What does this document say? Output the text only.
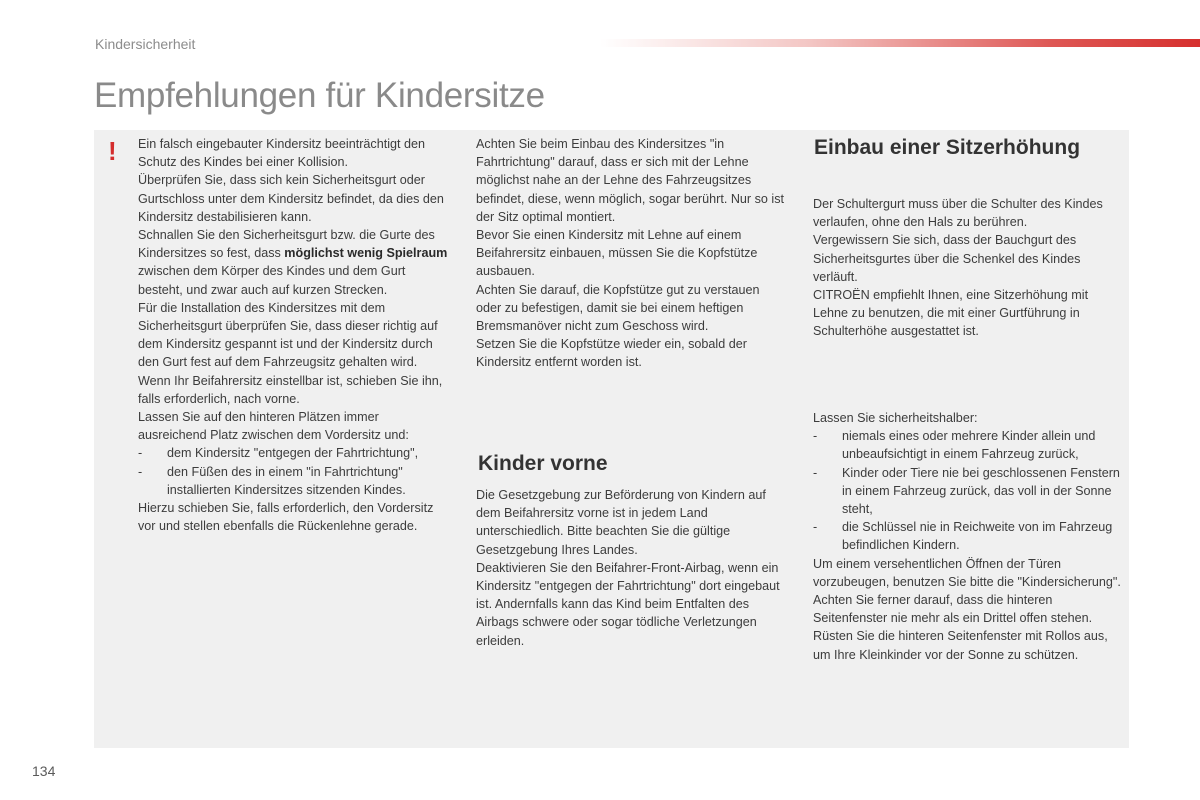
Kindersicherheit
Empfehlungen für Kindersitze
! Ein falsch eingebauter Kindersitz beeinträchtigt den Schutz des Kindes bei einer Kollision.

Überprüfen Sie, dass sich kein Sicherheitsgurt oder Gurtschloss unter dem Kindersitz befindet, da dies den Kindersitz destabilisieren kann.

Schnallen Sie den Sicherheitsgurt bzw. die Gurte des Kindersitzes so fest, dass möglichst wenig Spielraum zwischen dem Körper des Kindes und dem Gurt besteht, und zwar auch auf kurzen Strecken.

Für die Installation des Kindersitzes mit dem Sicherheitsgurt überprüfen Sie, dass dieser richtig auf dem Kindersitz gespannt ist und der Kindersitz durch den Gurt fest auf dem Fahrzeugsitz gehalten wird. Wenn Ihr Beifahrersitz einstellbar ist, schieben Sie ihn, falls erforderlich, nach vorne.

Lassen Sie auf den hinteren Plätzen immer ausreichend Platz zwischen dem Vordersitz und:

-	dem Kindersitz "entgegen der Fahrtrichtung",
-	den Füßen des in einem "in Fahrtrichtung" installierten Kindersitzes sitzenden Kindes.

Hierzu schieben Sie, falls erforderlich, den Vordersitz vor und stellen ebenfalls die Rückenlehne gerade.

Achten Sie beim Einbau des Kindersitzes "in Fahrtrichtung" darauf, dass er sich mit der Lehne möglichst nahe an der Lehne des Fahrzeugsitzes befindet, diese, wenn möglich, sogar berührt. Nur so ist der Sitz optimal montiert.

Bevor Sie einen Kindersitz mit Lehne auf einem Beifahrersitz einbauen, müssen Sie die Kopfstütze ausbauen.

Achten Sie darauf, die Kopfstütze gut zu verstauen oder zu befestigen, damit sie bei einem heftigen Bremsmanöver nicht zum Geschoss wird.

Setzen Sie die Kopfstütze wieder ein, sobald der Kindersitz entfernt worden ist.

Kinder vorne

Die Gesetzgebung zur Beförderung von Kindern auf dem Beifahrersitz vorne ist in jedem Land unterschiedlich. Bitte beachten Sie die gültige Gesetzgebung Ihres Landes.

Deaktivieren Sie den Beifahrer-Front-Airbag, wenn ein Kindersitz "entgegen der Fahrtrichtung" dort eingebaut ist. Andernfalls kann das Kind beim Entfalten des Airbags schwere oder sogar tödliche Verletzungen erleiden.

Einbau einer Sitzerhöhung

Der Schultergurt muss über die Schulter des Kindes verlaufen, ohne den Hals zu berühren.

Vergewissern Sie sich, dass der Bauchgurt des Sicherheitsgurtes über die Schenkel des Kindes verläuft.

CITROËN empfiehlt Ihnen, eine Sitzerhöhung mit Lehne zu benutzen, die mit einer Gurtführung in Schulterhöhe ausgestattet ist.

Lassen Sie sicherheitshalber:

-	niemals eines oder mehrere Kinder allein und unbeaufsichtigt in einem Fahrzeug zurück,
-	Kinder oder Tiere nie bei geschlossenen Fenstern in einem Fahrzeug zurück, das voll in der Sonne steht,
-	die Schlüssel nie in Reichweite von im Fahrzeug befindlichen Kindern.

Um einem versehentlichen Öffnen der Türen vorzubeugen, benutzen Sie bitte die "Kindersicherung".

Achten Sie ferner darauf, dass die hinteren Seitenfenster nie mehr als ein Drittel offen stehen.

Rüsten Sie die hinteren Seitenfenster mit Rollos aus, um Ihre Kleinkinder vor der Sonne zu schützen.

134
